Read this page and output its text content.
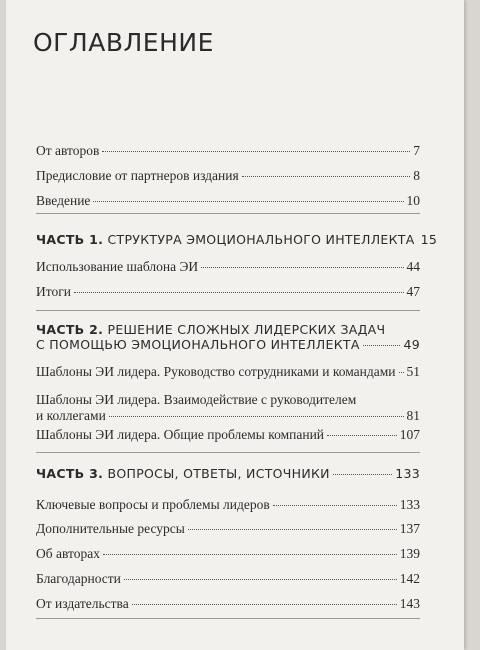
ОГЛАВЛЕНИЕ
От авторов	7
Предисловие от партнеров издания	8
Введение	10
ЧАСТЬ 1. СТРУКТУРА ЭМОЦИОНАЛЬНОГО ИНТЕЛЛЕКТА 15
Использование шаблона ЭИ	44
Итоги	47
ЧАСТЬ 2. РЕШЕНИЕ СЛОЖНЫХ ЛИДЕРСКИХ ЗАДАЧ
С ПОМОЩЬЮ ЭМОЦИОНАЛЬНОГО ИНТЕЛЛЕКТА	49
Шаблоны ЭИ лидера. Руководство сотрудниками и командами 51
Шаблоны ЭИ лидера. Взаимодействие с руководителем
и коллегами	81
Шаблоны ЭИ лидера. Общие проблемы компаний	107
ЧАСТЬ 3. ВОПРОСЫ, ОТВЕТЫ, ИСТОЧНИКИ	133
Ключевые вопросы и проблемы лидеров	133
Дополнительные ресурсы	137
Об авторах	139
Благодарности	142
От издательства	143
